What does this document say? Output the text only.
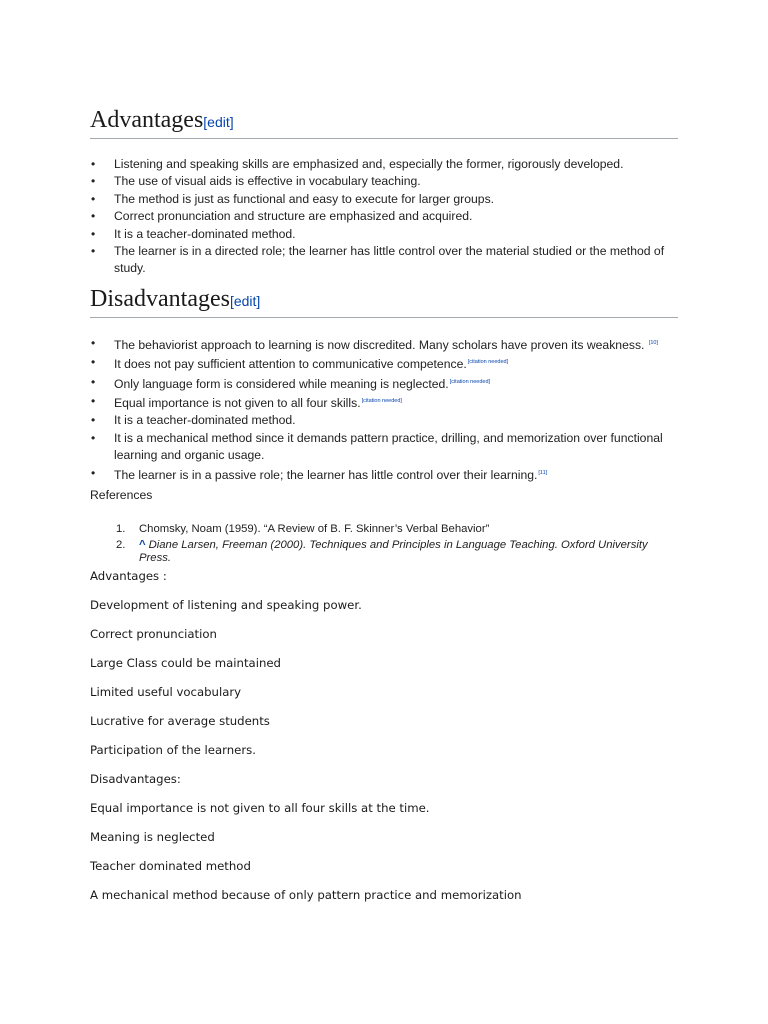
Advantages[edit]
• Listening and speaking skills are emphasized and, especially the former, rigorously developed.
• The use of visual aids is effective in vocabulary teaching.
• The method is just as functional and easy to execute for larger groups.
• Correct pronunciation and structure are emphasized and acquired.
• It is a teacher-dominated method.
• The learner is in a directed role; the learner has little control over the material studied or the method of study.
Disadvantages[edit]
• The behaviorist approach to learning is now discredited. Many scholars have proven its weakness. [10]
• It does not pay sufficient attention to communicative competence.[citation needed]
• Only language form is considered while meaning is neglected.[citation needed]
• Equal importance is not given to all four skills.[citation needed]
• It is a teacher-dominated method.
• It is a mechanical method since it demands pattern practice, drilling, and memorization over functional learning and organic usage.
• The learner is in a passive role; the learner has little control over their learning.[11]
References
1. Chomsky, Noam (1959). “A Review of B. F. Skinner’s Verbal Behavior”
2. ^ Diane Larsen, Freeman (2000). Techniques and Principles in Language Teaching. Oxford University Press.
Advantages :
Development of listening and speaking power.
Correct pronunciation
Large Class could be maintained
Limited useful vocabulary
Lucrative for average students
Participation of the learners.
Disadvantages:
Equal importance is not given to all four skills at the time.
Meaning is neglected
Teacher dominated method
A mechanical method because of only pattern practice and memorization
